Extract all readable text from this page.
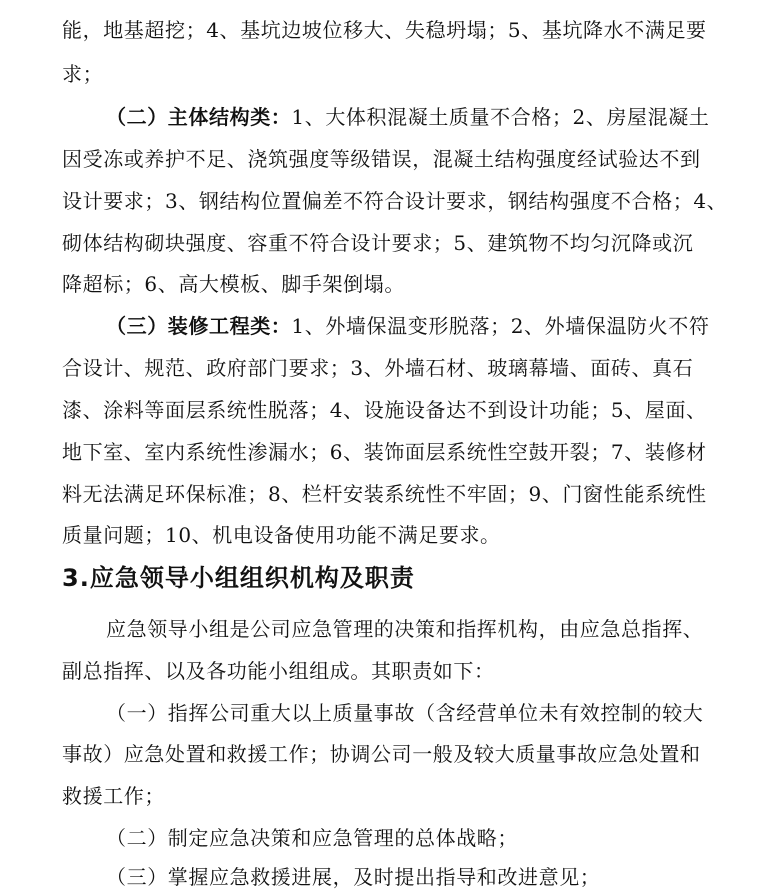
能，地基超挖；4、基坑边坡位移大、失稳坍塌；5、基坑降水不满足要
求；
（二）主体结构类：1、大体积混凝土质量不合格；2、房屋混凝土
因受冻或养护不足、浇筑强度等级错误，混凝土结构强度经试验达不到
设计要求；3、钢结构位置偏差不符合设计要求，钢结构强度不合格；4、
砌体结构砌块强度、容重不符合设计要求；5、建筑物不均匀沉降或沉
降超标；6、高大模板、脚手架倒塌。
（三）装修工程类：1、外墙保温变形脱落；2、外墙保温防火不符
合设计、规范、政府部门要求；3、外墙石材、玻璃幕墙、面砖、真石
漆、涂料等面层系统性脱落；4、设施设备达不到设计功能；5、屋面、
地下室、室内系统性渗漏水；6、装饰面层系统性空鼓开裂；7、装修材
料无法满足环保标准；8、栏杆安装系统性不牢固；9、门窗性能系统性
质量问题；10、机电设备使用功能不满足要求。
3.应急领导小组组织机构及职责
应急领导小组是公司应急管理的决策和指挥机构，由应急总指挥、
副总指挥、以及各功能小组组成。其职责如下：
（一）指挥公司重大以上质量事故（含经营单位未有效控制的较大
事故）应急处置和救援工作；协调公司一般及较大质量事故应急处置和
救援工作；
（二）制定应急决策和应急管理的总体战略；
（三）掌握应急救援进展，及时提出指导和改进意见；
